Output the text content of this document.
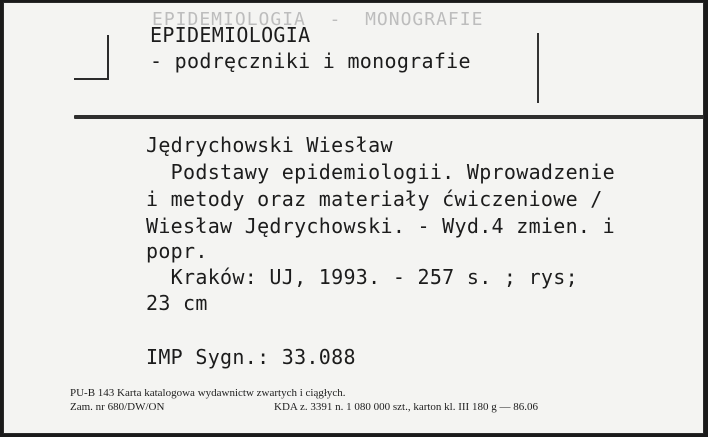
EPIDEMIOLOGIA  -  MONOGRAFIE
EPIDEMIOLOGIA
- podręczniki i monografie
Jędrychowski Wiesław
Podstawy epidemiologii. Wprowadzenie
i metody oraz materiały ćwiczeniowe /
Wiesław Jędrychowski. - Wyd.4 zmien. i
popr.
Kraków: UJ, 1993. - 257 s. ; rys;
23 cm
IMP Sygn.: 33.088
PU-B 143 Karta katalogowa wydawnictw zwartych i ciągłych.
Zam. nr 680/DW/ON	KDA z. 3391 n. 1 080 000 szt., karton kl. III 180 g — 86.06
